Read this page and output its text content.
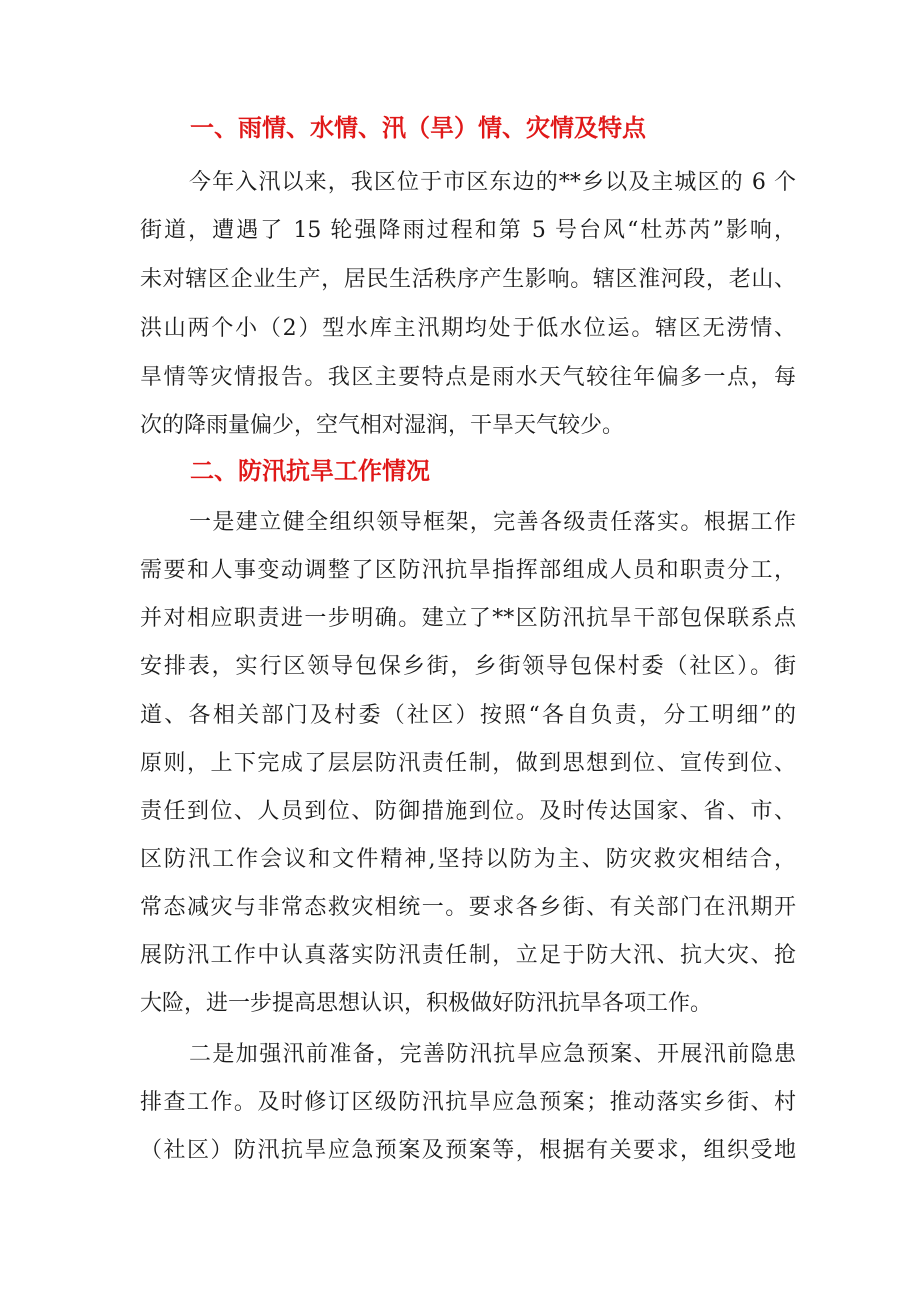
一、雨情、水情、汛（旱）情、灾情及特点

今年入汛以来，我区位于市区东边的**乡以及主城区的 6 个

街道，遭遇了 15 轮强降雨过程和第 5 号台风“杜苏芮”影响，

未对辖区企业生产，居民生活秩序产生影响。辖区淮河段，老山、

洪山两个小（2）型水库主汛期均处于低水位运。辖区无涝情、

旱情等灾情报告。我区主要特点是雨水天气较往年偏多一点，每

次的降雨量偏少，空气相对湿润，干旱天气较少。

二、防汛抗旱工作情况

一是建立健全组织领导框架，完善各级责任落实。根据工作

需要和人事变动调整了区防汛抗旱指挥部组成人员和职责分工，

并对相应职责进一步明确。建立了**区防汛抗旱干部包保联系点

安排表，实行区领导包保乡街，乡街领导包保村委（社区）。街

道、各相关部门及村委（社区）按照“各自负责，分工明细”的

原则，上下完成了层层防汛责任制，做到思想到位、宣传到位、

责任到位、人员到位、防御措施到位。及时传达国家、省、市、

区防汛工作会议和文件精神,坚持以防为主、防灾救灾相结合，

常态减灾与非常态救灾相统一。要求各乡街、有关部门在汛期开

展防汛工作中认真落实防汛责任制，立足于防大汛、抗大灾、抢

大险，进一步提高思想认识，积极做好防汛抗旱各项工作。

二是加强汛前准备，完善防汛抗旱应急预案、开展汛前隐患

排查工作。及时修订区级防汛抗旱应急预案；推动落实乡街、村

（社区）防汛抗旱应急预案及预案等，根据有关要求，组织受地
